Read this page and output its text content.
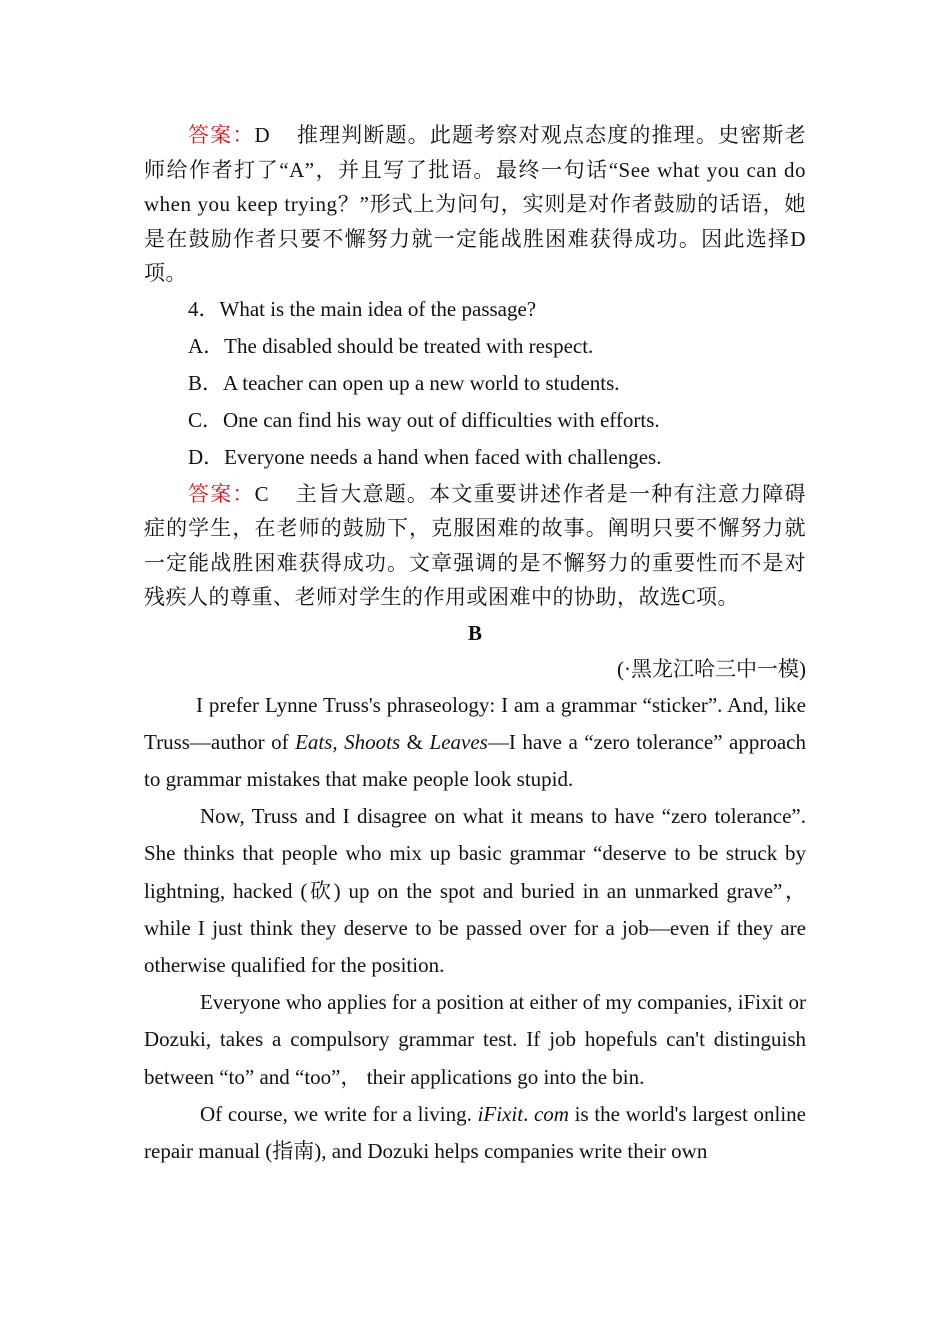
答案：D 推理判断题。此题考察对观点态度的推理。史密斯老师给作者打了“A”，并且写了批语。最终一句话“See what you can do when you keep trying？”形式上为问句，实则是对作者鼓励的话语，她是在鼓励作者只要不懈努力就一定能战胜困难获得成功。因此选择D项。

4．What is the main idea of the passage?

A．The disabled should be treated with respect.

B．A teacher can open up a new world to students.

C．One can find his way out of difficulties with efforts.

D．Everyone needs a hand when faced with challenges.

答案：C 主旨大意题。本文重要讲述作者是一种有注意力障碍症的学生，在老师的鼓励下，克服困难的故事。阐明只要不懈努力就一定能战胜困难获得成功。文章强调的是不懈努力的重要性而不是对残疾人的尊重、老师对学生的作用或困难中的协助，故选C项。

B

(·黑龙江哈三中一模)

I prefer Lynne Truss's phraseology: I am a grammar “sticker”. And, like Truss—author of Eats, Shoots & Leaves—I have a “zero tolerance” approach to grammar mistakes that make people look stupid.

Now, Truss and I disagree on what it means to have “zero tolerance”. She thinks that people who mix up basic grammar “deserve to be struck by lightning, hacked (砍) up on the spot and buried in an unmarked grave”， while I just think they deserve to be passed over for a job—even if they are otherwise qualified for the position.

Everyone who applies for a position at either of my companies, iFixit or Dozuki, takes a compulsory grammar test. If job hopefuls can't distinguish between “to” and “too”， their applications go into the bin.

Of course, we write for a living. iFixit. com is the world's largest online repair manual (指南), and Dozuki helps companies write their own
